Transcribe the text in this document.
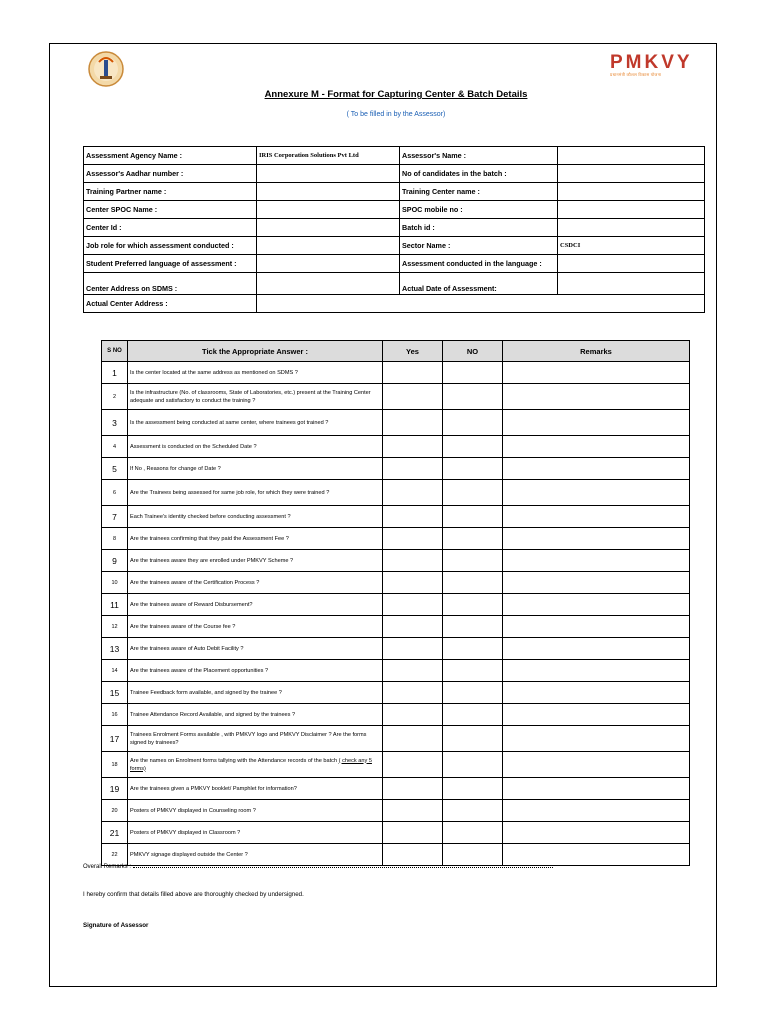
PMKVY
प्रधानमंत्री कौशल विकास योजना
Annexure M - Format for Capturing Center & Batch Details
( To be filled in by the Assessor)
Assessment Agency Name :	IRIS Corporation Solutions Pvt Ltd	Assessor's Name :	
Assessor's Aadhar number :		No of candidates in the batch :	
Training Partner name :		Training Center name :	
Center SPOC Name :		SPOC mobile no :	
Center Id :		Batch id :	
Job role for which assessment conducted :		Sector Name :	CSDCI
Student Preferred language of assessment :		Assessment conducted in the language :	
Center Address on SDMS :		Actual Date of Assessment:	
Actual Center Address :			
S NO	Tick the Appropriate Answer :	Yes	NO	Remarks
1	Is the center located at the same address as mentioned on SDMS ?			
2	Is the infrastructure (No. of classrooms, State of Laboratories, etc.) present at the Training Center adequate and satisfactory to conduct the training ?			
3	Is the assessment being conducted at same center, where trainees got trained ?			
4	Assessment is conducted on the Scheduled Date ?			
5	If No , Reasons for change of Date ?			
6	Are the Trainees being assessed for same job role, for which they were trained ?			
7	Each Trainee's identity checked before conducting assessment ?			
8	Are the trainees confirming that they paid the Assessment Fee ?			
9	Are the trainees aware they are enrolled under PMKVY Scheme ?			
10	Are the trainees aware of the Certification Process ?			
11	Are the trainees aware of Reward Disbursement?			
12	Are the trainees aware of the Course fee ?			
13	Are the trainees aware of Auto Debit Facility ?			
14	Are the trainees aware of the Placement opportunities ?			
15	Trainee Feedback form available, and signed by the trainee ?			
16	Trainee Attendance Record Available, and signed by the trainees ?			
17	Trainees Enrolment Forms available , with PMKVY logo and PMKVY Disclaimer ? Are the forms signed by trainees?			
18	Are the names on Enrolment forms tallying with the Attendance records of the batch ( check any 5 forms)			
19	Are the trainees given a PMKVY booklet/ Pamphlet for information?			
20	Posters of PMKVY displayed in Counseling room ?			
21	Posters of PMKVY displayed in Classroom ?			
22	PMKVY signage displayed outside the Center ?			
Overall Remarks :
I hereby confirm that details filled above are thoroughly checked by undersigned.
Signature of Assessor
